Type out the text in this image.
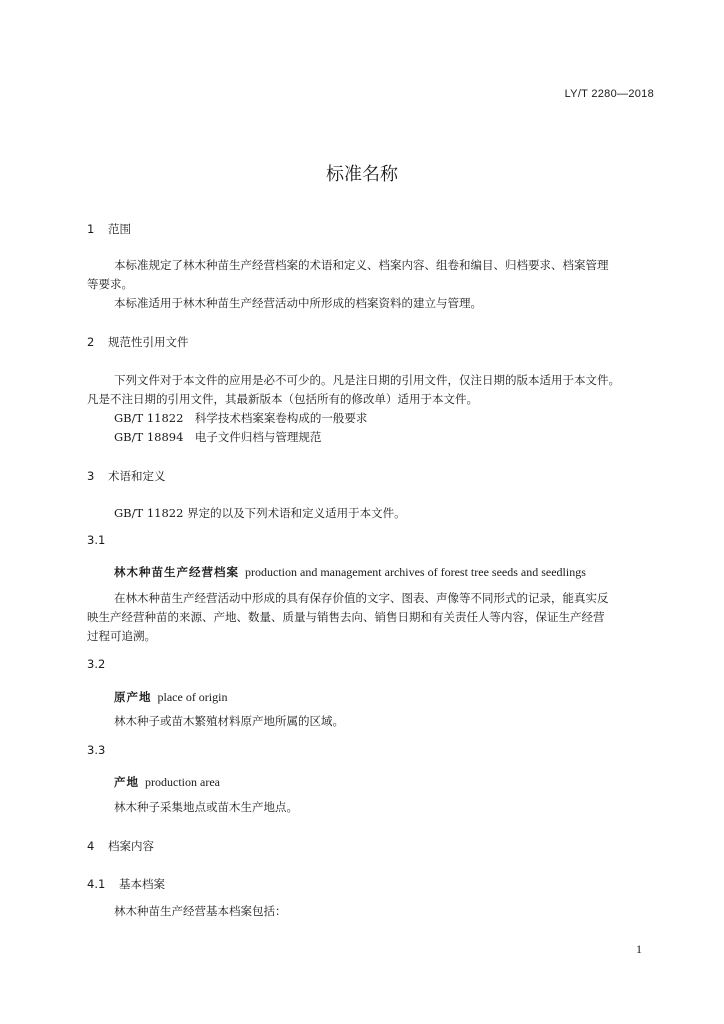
LY/T 2280—2018
标准名称
1 范围
本标准规定了林木种苗生产经营档案的术语和定义、档案内容、组卷和编目、归档要求、档案管理
等要求。
本标准适用于林木种苗生产经营活动中所形成的档案资料的建立与管理。
2 规范性引用文件
下列文件对于本文件的应用是必不可少的。凡是注日期的引用文件，仅注日期的版本适用于本文件。
凡是不注日期的引用文件，其最新版本（包括所有的修改单）适用于本文件。
GB/T 11822　科学技术档案案卷构成的一般要求
GB/T 18894　电子文件归档与管理规范
3 术语和定义
GB/T 11822 界定的以及下列术语和定义适用于本文件。
3.1
林木种苗生产经营档案 production and management archives of forest tree seeds and seedlings
在林木种苗生产经营活动中形成的具有保存价值的文字、图表、声像等不同形式的记录，能真实反
映生产经营种苗的来源、产地、数量、质量与销售去向、销售日期和有关责任人等内容，保证生产经营
过程可追溯。
3.2
原产地 place of origin
林木种子或苗木繁殖材料原产地所属的区域。
3.3
产地 production area
林木种子采集地点或苗木生产地点。
4 档案内容
4.1 基本档案
林木种苗生产经营基本档案包括：
1
